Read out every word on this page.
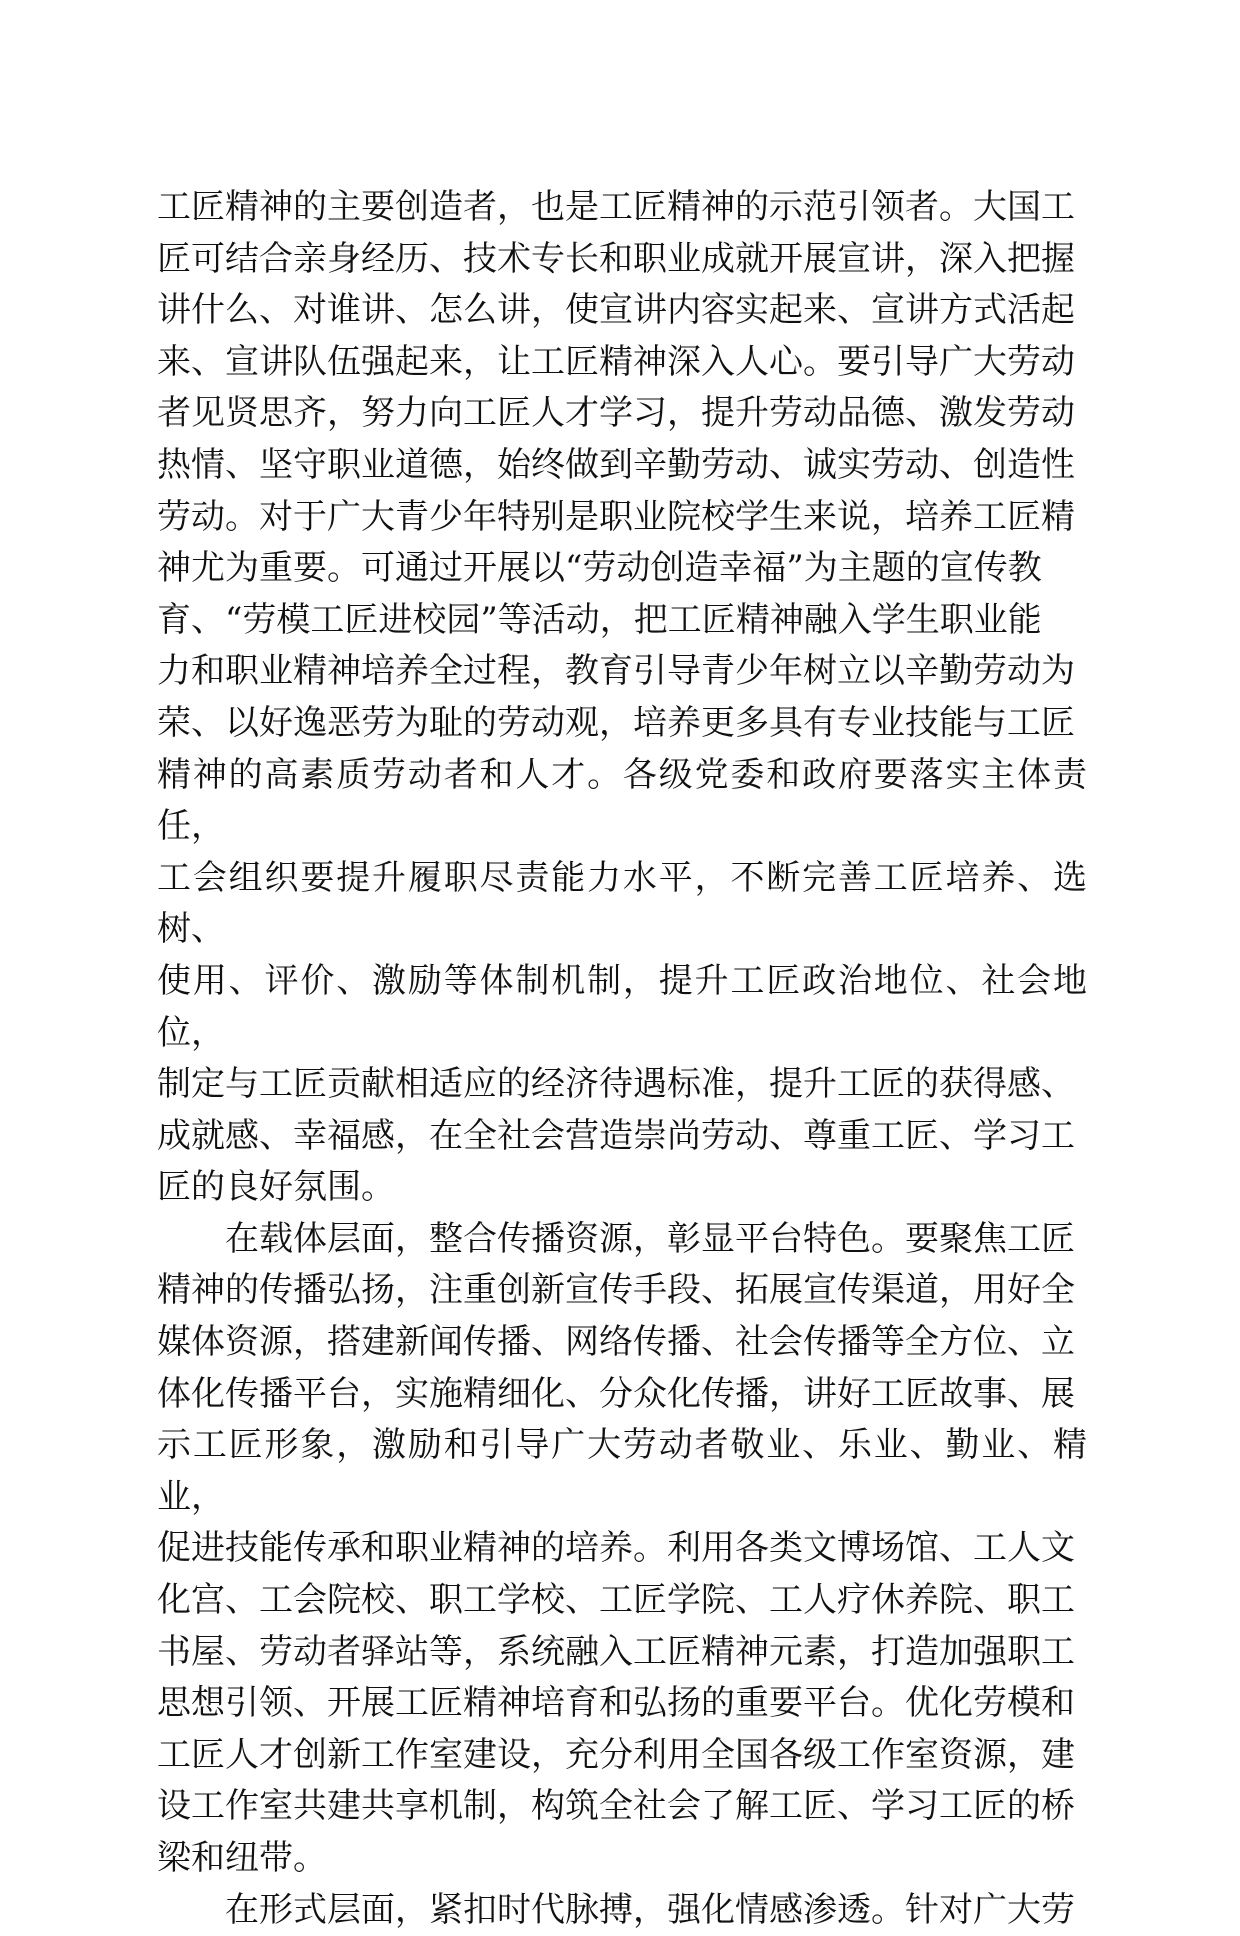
工匠精神的主要创造者，也是工匠精神的示范引领者。大国工
匠可结合亲身经历、技术专长和职业成就开展宣讲，深入把握
讲什么、对谁讲、怎么讲，使宣讲内容实起来、宣讲方式活起
来、宣讲队伍强起来，让工匠精神深入人心。要引导广大劳动
者见贤思齐，努力向工匠人才学习，提升劳动品德、激发劳动
热情、坚守职业道德，始终做到辛勤劳动、诚实劳动、创造性
劳动。对于广大青少年特别是职业院校学生来说，培养工匠精
神尤为重要。可通过开展以“劳动创造幸福”为主题的宣传教
育、“劳模工匠进校园”等活动，把工匠精神融入学生职业能
力和职业精神培养全过程，教育引导青少年树立以辛勤劳动为
荣、以好逸恶劳为耻的劳动观，培养更多具有专业技能与工匠
精神的高素质劳动者和人才。各级党委和政府要落实主体责任，
工会组织要提升履职尽责能力水平，不断完善工匠培养、选树、
使用、评价、激励等体制机制，提升工匠政治地位、社会地位，
制定与工匠贡献相适应的经济待遇标准，提升工匠的获得感、
成就感、幸福感，在全社会营造崇尚劳动、尊重工匠、学习工
匠的良好氛围。

　　在载体层面，整合传播资源，彰显平台特色。要聚焦工匠
精神的传播弘扬，注重创新宣传手段、拓展宣传渠道，用好全
媒体资源，搭建新闻传播、网络传播、社会传播等全方位、立
体化传播平台，实施精细化、分众化传播，讲好工匠故事、展
示工匠形象，激励和引导广大劳动者敬业、乐业、勤业、精业，
促进技能传承和职业精神的培养。利用各类文博场馆、工人文
化宫、工会院校、职工学校、工匠学院、工人疗休养院、职工
书屋、劳动者驿站等，系统融入工匠精神元素，打造加强职工
思想引领、开展工匠精神培育和弘扬的重要平台。优化劳模和
工匠人才创新工作室建设，充分利用全国各级工作室资源，建
设工作室共建共享机制，构筑全社会了解工匠、学习工匠的桥
梁和纽带。

　　在形式层面，紧扣时代脉搏，强化情感渗透。针对广大劳
